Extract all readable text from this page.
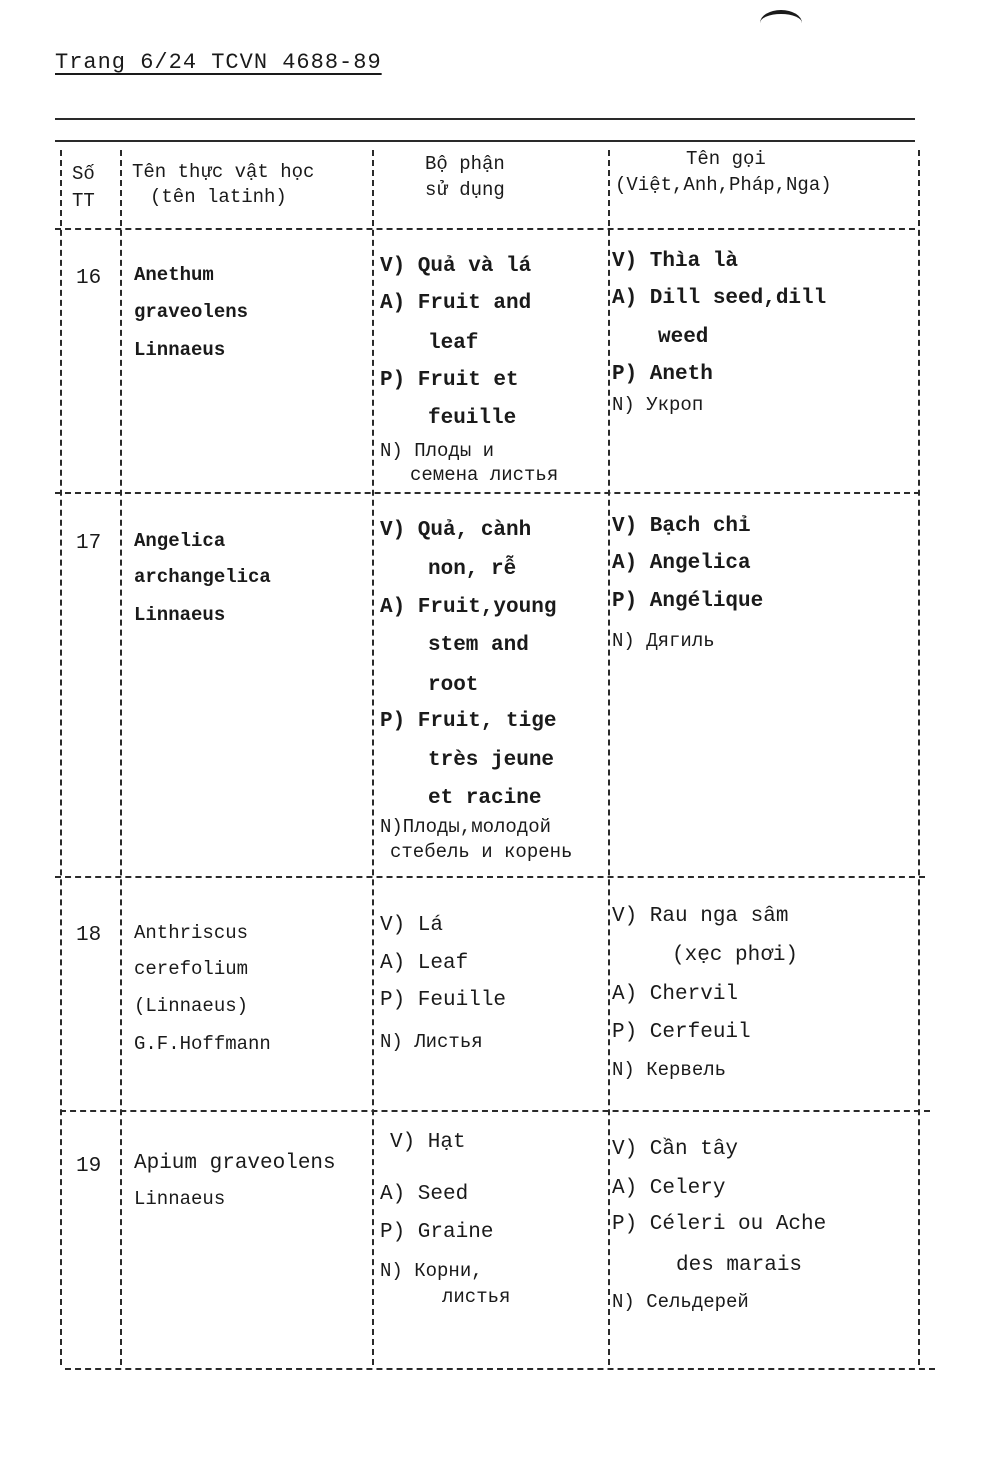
Trang 6/24 TCVN 4688-89
Số
TT
Tên thực vật học
(tên latinh)
Bộ phận
sử dụng
Tên gọi
(Việt,Anh,Pháp,Nga)
16 Anethum
graveolens
Linnaeus
V) Quả và lá
A) Fruit and
leaf
P) Fruit et
feuille
N) Плоды и
семена листья
V) Thìa là
A) Dill seed,dill
weed
P) Aneth
N) Укроп
17 Angelica
archangelica
Linnaeus
V) Quả, cành
non, rễ
A) Fruit,young
stem and
root
P) Fruit, tige
très jeune
et racine
N)Плоды,молодой
стебель и корень
V) Bạch chỉ
A) Angelica
P) Angélique
N) Дягиль
18 Anthriscus
cerefolium
(Linnaeus)
G.F.Hoffmann
V) Lá
A) Leaf
P) Feuille
N) Листья
V) Rau nga sâm
(xẹc phơi)
A) Chervil
P) Cerfeuil
N) Кервель
19 Apium graveolens
Linnaeus
V) Hạt
A) Seed
P) Graine
N) Корни,
листья
V) Cần tây
A) Celery
P) Céleri ou Ache
des marais
N) Сельдерей
